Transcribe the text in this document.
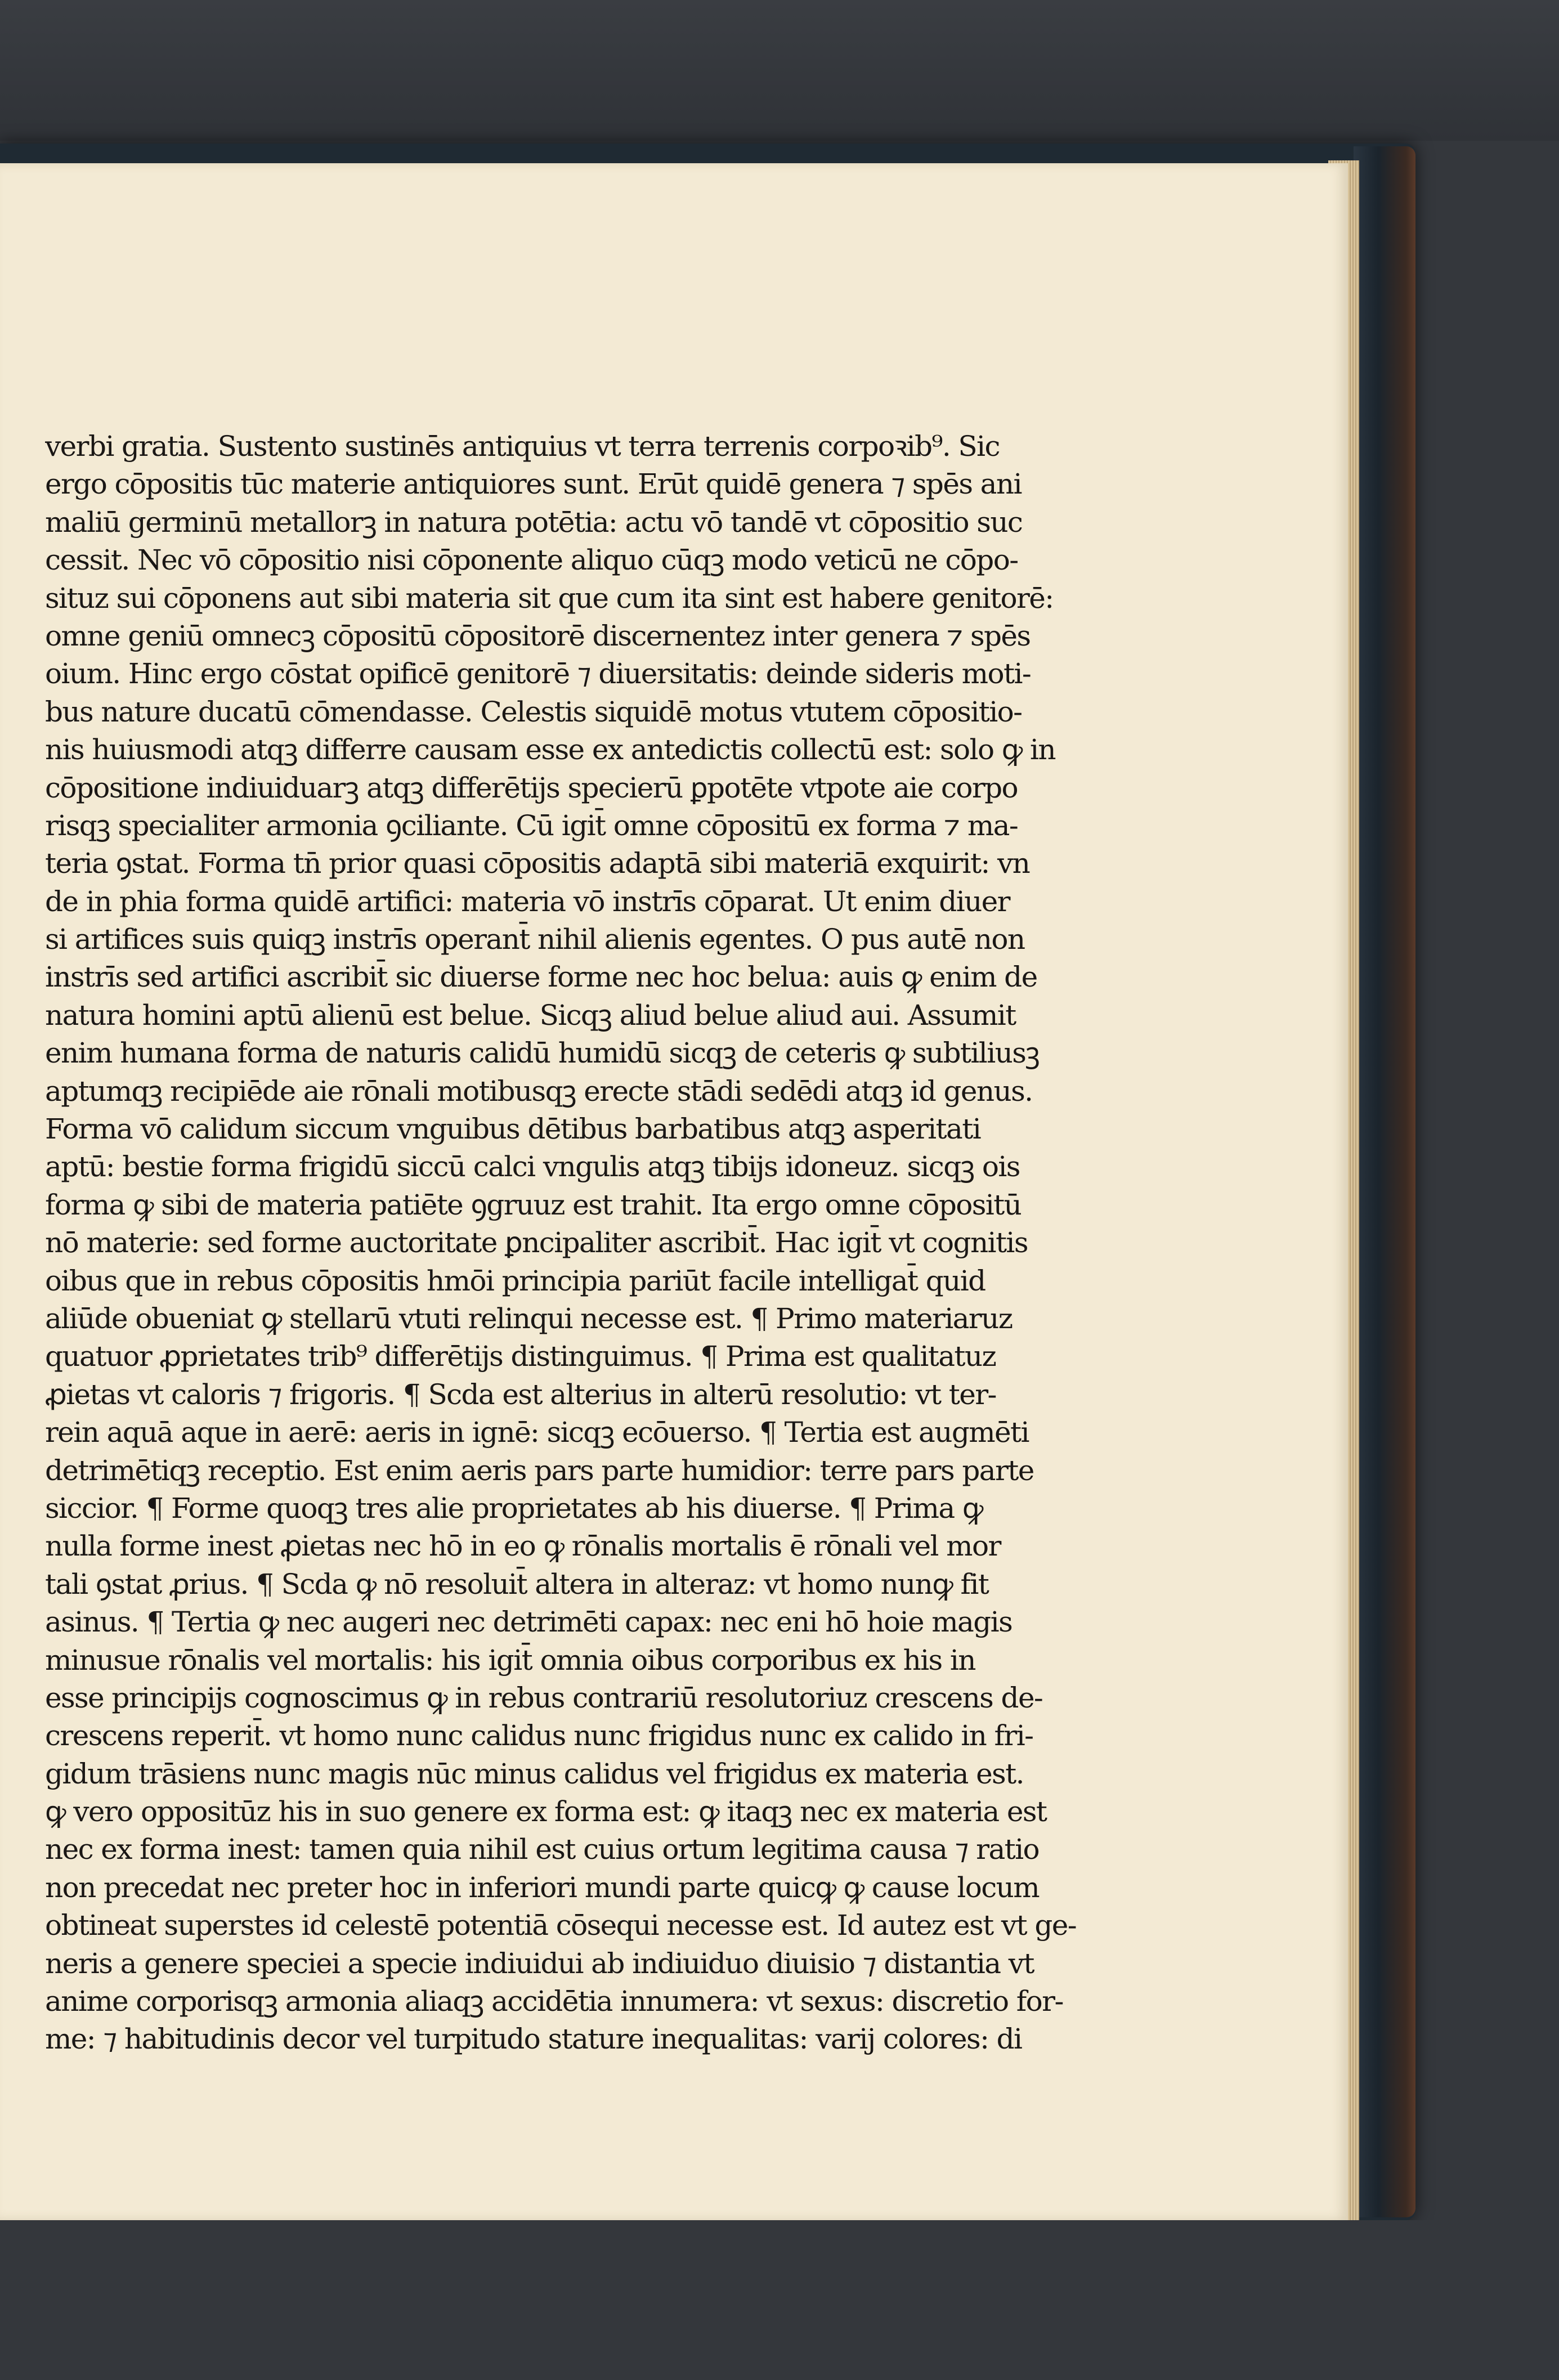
verbi gratia. Sustento sustinēs antiquius vt terra terrenis corpoꝛib⁹. Sic
ergo cōpositis tūc materie antiquiores sunt. Erūt quidē genera ⁊ spēs ani
maliū germinū metallorꝫ in natura potētia: actu vō tandē vt cōpositio suc
cessit. Nec vō cōpositio nisi cōponente aliquo cūqꝫ modo veticū ne cōpo-
situz sui cōponens aut sibi materia sit que cum ita sint est habere genitorē:
omne geniū omnecꝫ cōpositū cōpositorē discernentez inter genera ⁊ spēs
oium. Hinc ergo cōstat opificē genitorē ⁊ diuersitatis: deinde sideris moti-
bus nature ducatū cōmendasse. Celestis siquidē motus vtutem cōpositio-
nis huiusmodi atqꝫ differre causam esse ex antedictis collectū est: solo ꝙ in
cōpositione indiuiduarꝫ atqꝫ differētijs specierū ꝑpotēte vtpote aie corpo
risqꝫ specialiter armonia ꝯciliante. Cū igit̄ omne cōpositū ex forma ⁊ ma-
teria ꝯstat. Forma tn̄ prior quasi cōpositis adaptā sibi materiā exquirit: vn
de in phia forma quidē artifici: materia vō instrīs cōparat. Ut enim diuer
si artifices suis quiqꝫ instrīs operant̄ nihil alienis egentes. O pus autē non
instrīs sed artifici ascribit̄ sic diuerse forme nec hoc belua: auis ꝙ enim de
natura homini aptū alienū est belue. Sicqꝫ aliud belue aliud aui. Assumit
enim humana forma de naturis calidū humidū sicqꝫ de ceteris ꝙ subtiliusꝫ
aptumqꝫ recipiēde aie rōnali motibusqꝫ erecte stādi sedēdi atqꝫ id genus.
Forma vō calidum siccum vnguibus dētibus barbatibus atqꝫ asperitati
aptū: bestie forma frigidū siccū calci vngulis atqꝫ tibijs idoneuz. sicqꝫ ois
forma ꝙ sibi de materia patiēte ꝯgruuz est trahit. Ita ergo omne cōpositū
nō materie: sed forme auctoritate ꝑncipaliter ascribit̄. Hac igit̄ vt cognitis
oibus que in rebus cōpositis hmōi principia pariūt facile intelligat̄ quid
aliūde obueniat ꝙ stellarū vtuti relinqui necesse est. ¶ Primo materiaruz
quatuor ꝓprietates trib⁹ differētijs distinguimus. ¶ Prima est qualitatuz
ꝓietas vt caloris ⁊ frigoris. ¶ Scda est alterius in alterū resolutio: vt ter-
rein aquā aque in aerē: aeris in ignē: sicqꝫ ecōuerso. ¶ Tertia est augmēti
detrimētiqꝫ receptio. Est enim aeris pars parte humidior: terre pars parte
siccior. ¶ Forme quoqꝫ tres alie proprietates ab his diuerse. ¶ Prima ꝙ
nulla forme inest ꝓietas nec hō in eo ꝙ rōnalis mortalis ē rōnali vel mor
tali ꝯstat ꝓrius. ¶ Scda ꝙ nō resoluit̄ altera in alteraz: vt homo nunꝙ fit
asinus. ¶ Tertia ꝙ nec augeri nec detrimēti capax: nec eni hō hoie magis
minusue rōnalis vel mortalis: his igit̄ omnia oibus corporibus ex his in
esse principijs cognoscimus ꝙ in rebus contrariū resolutoriuz crescens de-
crescens reperit̄. vt homo nunc calidus nunc frigidus nunc ex calido in fri-
gidum trāsiens nunc magis nūc minus calidus vel frigidus ex materia est.
ꝙ vero oppositūz his in suo genere ex forma est: ꝙ itaqꝫ nec ex materia est
nec ex forma inest: tamen quia nihil est cuius ortum legitima causa ⁊ ratio
non precedat nec preter hoc in inferiori mundi parte quicꝙ ꝙ cause locum
obtineat superstes id celestē potentiā cōsequi necesse est. Id autez est vt ge-
neris a genere speciei a specie indiuidui ab indiuiduo diuisio ⁊ distantia vt
anime corporisqꝫ armonia aliaqꝫ accidētia innumera: vt sexus: discretio for-
me: ⁊ habitudinis decor vel turpitudo stature inequalitas: varij colores: di
